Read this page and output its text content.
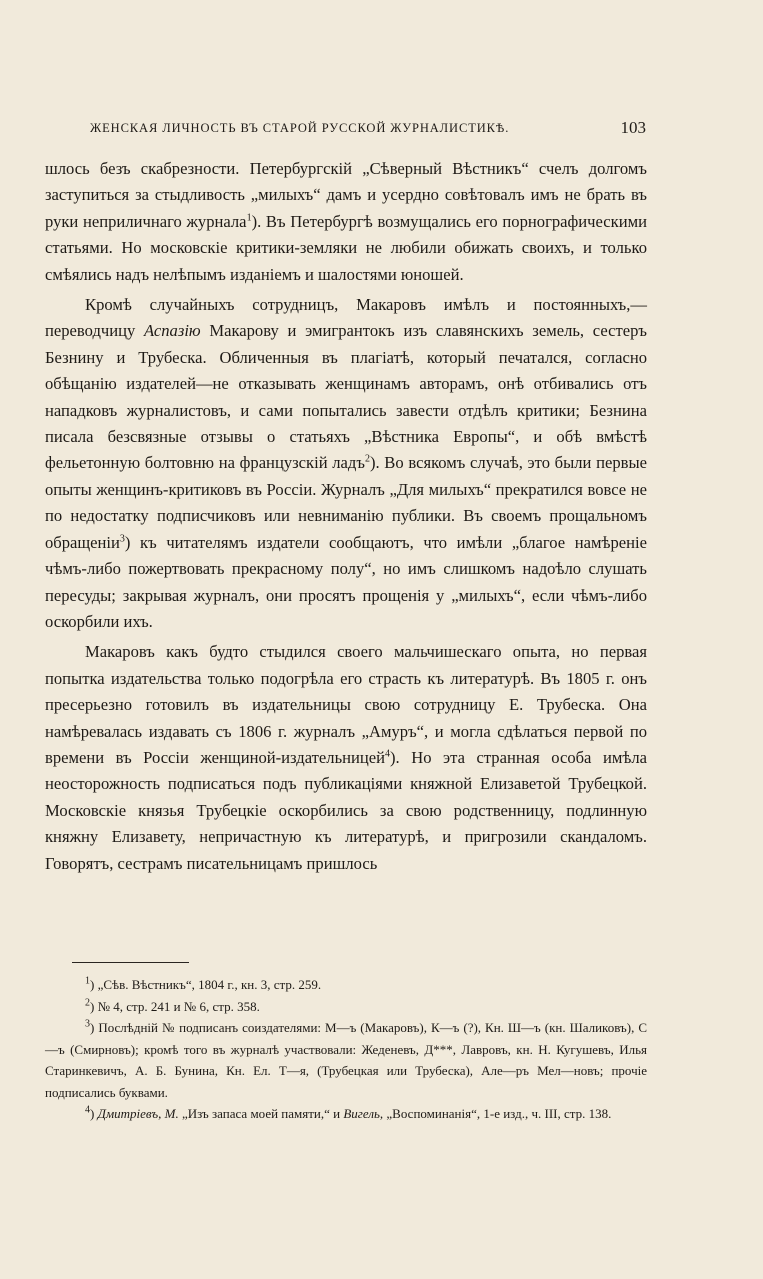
ЖЕНСКАЯ ЛИЧНОСТЬ ВЪ СТАРОЙ РУССКОЙ ЖУРНАЛИСТИКѢ.	103

шлось безъ скабрезности. Петербургскій „Сѣверный Вѣстникъ“ счелъ долгомъ заступиться за стыдливость „милыхъ“ дамъ и усердно совѣтовалъ имъ не брать въ руки неприличнаго журнала$^1$). Въ Петербургѣ возмущались его порнографическими статьями. Но московскіе критики-земляки не любили обижать своихъ, и только смѣялись надъ нелѣпымъ изданіемъ и шалостями юношей.

Кромѣ случайныхъ сотрудницъ, Макаровъ имѣлъ и постоянныхъ,— переводчицу Аспазію Макарову и эмигрантокъ изъ славянскихъ земель, сестеръ Безнину и Трубеска. Обличенныя въ плагіатѣ, который печатался, согласно обѣщанію издателей—не отказывать женщинамъ авторамъ, онѣ отбивались отъ нападковъ журналистовъ, и сами попытались завести отдѣлъ критики; Безнина писала безсвязные отзывы о статьяхъ „Вѣстника Европы“, и обѣ вмѣстѣ фельетонную болтовню на французскій ладъ$^2$). Во всякомъ случаѣ, это были первые опыты женщинъ-критиковъ въ Россіи. Журналъ „Для милыхъ“ прекратился вовсе не по недостатку подписчиковъ или невниманію публики. Въ своемъ прощальномъ обращеніи$^3$) къ читателямъ издатели сообщаютъ, что имѣли „благое намѣреніе чѣмъ-либо пожертвовать прекрасному полу“, но имъ слишкомъ надоѣло слушать пересуды; закрывая журналъ, они просятъ прощенія у „милыхъ“, если чѣмъ-либо оскорбили ихъ.

Макаровъ какъ будто стыдился своего мальчишескаго опыта, но первая попытка издательства только подогрѣла его страсть къ литературѣ. Въ 1805 г. онъ пресерьезно готовилъ въ издательницы свою сотрудницу Е. Трубеска. Она намѣревалась издавать съ 1806 г. журналъ „Амуръ“, и могла сдѣлаться первой по времени въ Россіи женщиной-издательницей$^4$). Но эта странная особа имѣла неосторожность подписаться подъ публикаціями княжной Елизаветой Трубецкой. Московскіе князья Трубецкіе оскорбились за свою родственницу, подлинную княжну Елизавету, непричастную къ литературѣ, и пригрозили скандаломъ. Говорятъ, сестрамъ писательницамъ пришлось

$^1$) „Сѣв. Вѣстникъ“, 1804 г., кн. 3, стр. 259.

$^2$) № 4, стр. 241 и № 6, стр. 358.

$^3$) Послѣдній № подписанъ соиздателями: М—ъ (Макаровъ), К—ъ (?), Кн. Ш—ъ (кн. Шаликовъ), С—ъ (Смирновъ); кромѣ того въ журналѣ участвовали: Жеденевъ, Д***, Лавровъ, кн. Н. Кугушевъ, Илья Старинкевичъ, А. Б. Бунина, Кн. Ел. Т—я, (Трубецкая или Трубеска), Але—ръ Мел—новъ; прочіе подписались буквами.

$^4$) Дмитріевъ, М. „Изъ запаса моей памяти,“ и Вигель, „Воспоминанія“, 1-е изд., ч. III, стр. 138.
